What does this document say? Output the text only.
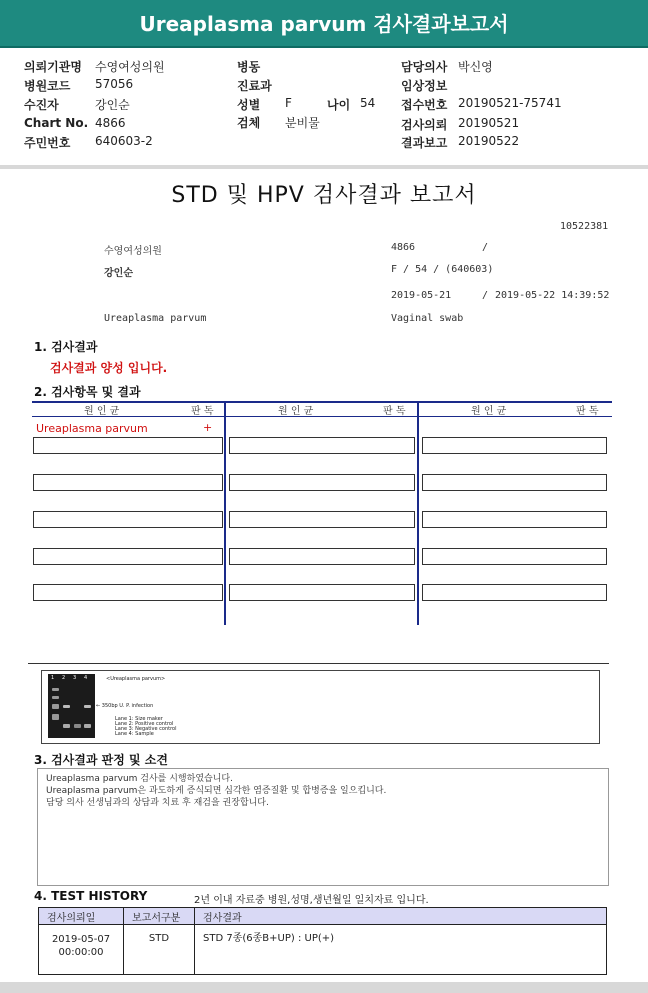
Ureaplasma parvum 검사결과보고서
의뢰기관명 수영여성의원	병동	담당의사 박신영
병원코드 57056	진료과	임상정보
수진자	강인순	성별 F	나이 54 접수번호 20190521-75741
Chart No. 4866	검체 분비물	검사의뢰 20190521
주민번호 640603-2	결과보고 20190522
STD 및 HPV 검사결과 보고서
10522381
수영여성의원	4866	/
강인순	F / 54 / (640603)
2019-05-21	/ 2019-05-22 14:39:52
Ureaplasma parvum	Vaginal swab
1. 검사결과
검사결과 양성 입니다.
2. 검사항목 및 결과
원 인 균	판 독	원 인 균	판 독	원 인 균	판 독
Ureaplasma parvum	+
1 2 3 4	<Ureaplasma parvum>
← 350bp U. P. infection
Lane 1: Size maker
Lane 2: Positive control
Lane 3: Negative control
Lane 4: Sample
3. 검사결과 판정 및 소견
Ureaplasma parvum 검사를 시행하였습니다.
Ureaplasma parvum은 과도하게 증식되면 심각한 염증질환 및 합병증을 일으킵니다.
담당 의사 선생님과의 상담과 치료 후 재검을 권장합니다.
4. TEST HISTORY	2년 이내 자료중 병원,성명,생년월일 일치자료 입니다.
검사의뢰일	보고서구분	검사결과

2019-05-07
00:00:00	STD	STD 7종(6종B+UP) : UP(+)
